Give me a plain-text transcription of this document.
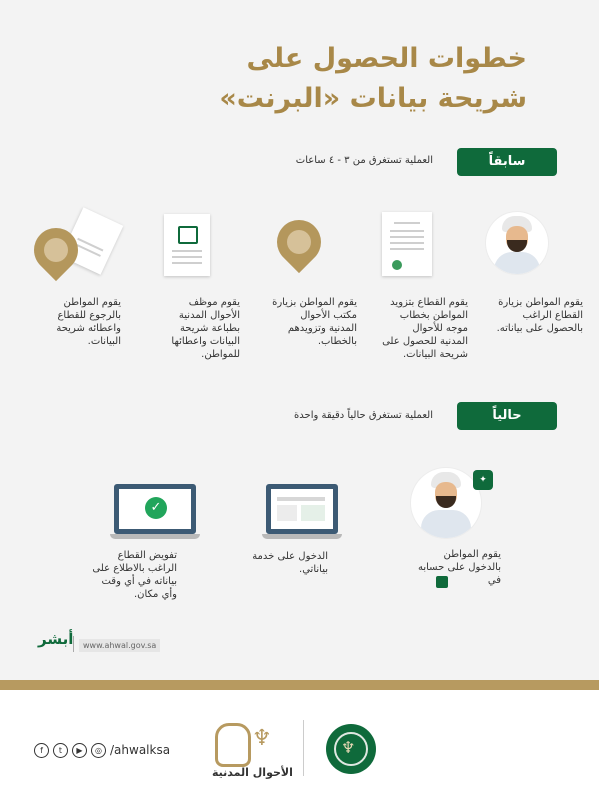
خطوات الحصول على
شريحة بيانات «البرنت»
سابقاً
العملية تستغرق من ٣ - ٤ ساعات
يقوم المواطن بزيارة
القطاع الراغب
بالحصول على بياناته.
يقوم القطاع بتزويد
المواطن بخطاب
موجه للأحوال
المدنية للحصول على
شريحة البيانات.
يقوم المواطن بزيارة
مكتب الأحوال
المدنية وتزويدهم
بالخطاب.
يقوم موظف
الأحوال المدنية
بطباعة شريحة
البيانات واعطائها
للمواطن.
يقوم المواطن
بالرجوع للقطاع
واعطائه شريحة
البيانات.
حالياً
العملية تستغرق حالياً دقيقة واحدة
✦
✓
يقوم المواطن
بالدخول على حسابه
في
الدخول على خدمة
بياناتي.
تفويض القطاع
الراغب بالاطلاع على
بياناته في أي وقت
وأي مكان.
أبشر	www.ahwal.gov.sa
f	t	▶	◎ /ahwalksa	♆
الأحوال المدنية
♆
